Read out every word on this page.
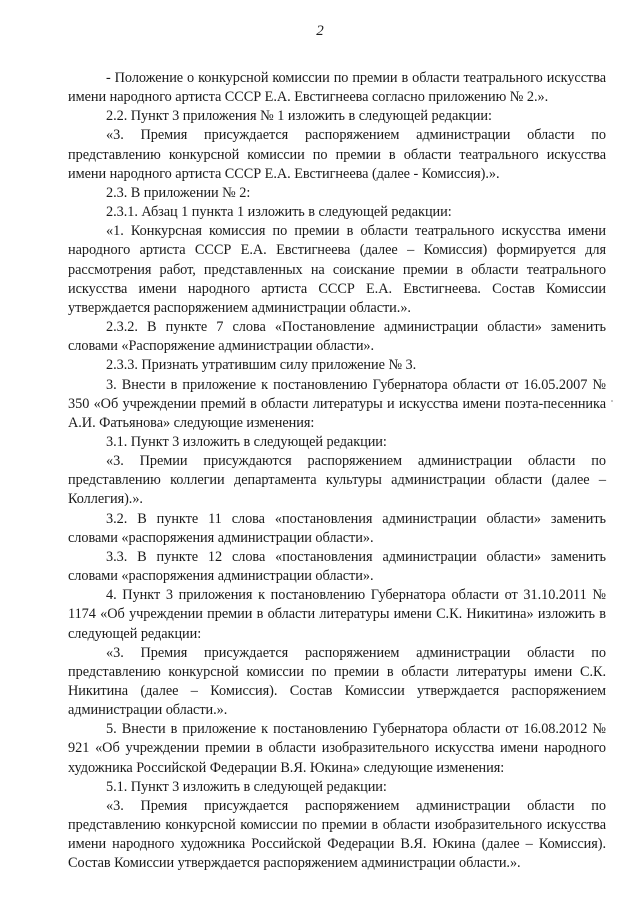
2

- Положение о конкурсной комиссии по премии в области театрального искусства имени народного артиста СССР Е.А. Евстигнеева согласно приложению № 2.».

2.2. Пункт 3 приложения № 1 изложить в следующей редакции:

«3. Премия присуждается распоряжением администрации области по представлению конкурсной комиссии по премии в области театрального искусства имени народного артиста СССР Е.А. Евстигнеева (далее - Комиссия).».

2.3. В приложении № 2:

2.3.1. Абзац 1 пункта 1 изложить в следующей редакции:

«1. Конкурсная комиссия по премии в области театрального искусства имени народного артиста СССР Е.А. Евстигнеева (далее – Комиссия) формируется для рассмотрения работ, представленных на соискание премии в области театрального искусства имени народного артиста СССР Е.А. Евстигнеева. Состав Комиссии утверждается распоряжением администрации области.».

2.3.2. В пункте 7 слова «Постановление администрации области» заменить словами «Распоряжение администрации области».

2.3.3. Признать утратившим силу приложение № 3.

3. Внести в приложение к постановлению Губернатора области от 16.05.2007 № 350 «Об учреждении премий в области литературы и искусства имени поэта-песенника А.И. Фатьянова» следующие изменения:

3.1. Пункт 3 изложить в следующей редакции:

«3. Премии присуждаются распоряжением администрации области по представлению коллегии департамента культуры администрации области (далее – Коллегия).».

3.2. В пункте 11 слова «постановления администрации области» заменить словами «распоряжения администрации области».

3.3. В пункте 12 слова «постановления администрации области» заменить словами «распоряжения администрации области».

4. Пункт 3 приложения к постановлению Губернатора области от 31.10.2011 № 1174 «Об учреждении премии в области литературы имени С.К. Никитина» изложить в следующей редакции:

«3. Премия присуждается распоряжением администрации области по представлению конкурсной комиссии по премии в области литературы имени С.К. Никитина (далее – Комиссия). Состав Комиссии утверждается распоряжением администрации области.».

5. Внести в приложение к постановлению Губернатора области от 16.08.2012 № 921 «Об учреждении премии в области изобразительного искусства имени народного художника Российской Федерации В.Я. Юкина» следующие изменения:

5.1. Пункт 3 изложить в следующей редакции:

«3. Премия присуждается распоряжением администрации области по представлению конкурсной комиссии по премии в области изобразительного искусства имени народного художника Российской Федерации В.Я. Юкина (далее – Комиссия). Состав Комиссии утверждается распоряжением администрации области.».
